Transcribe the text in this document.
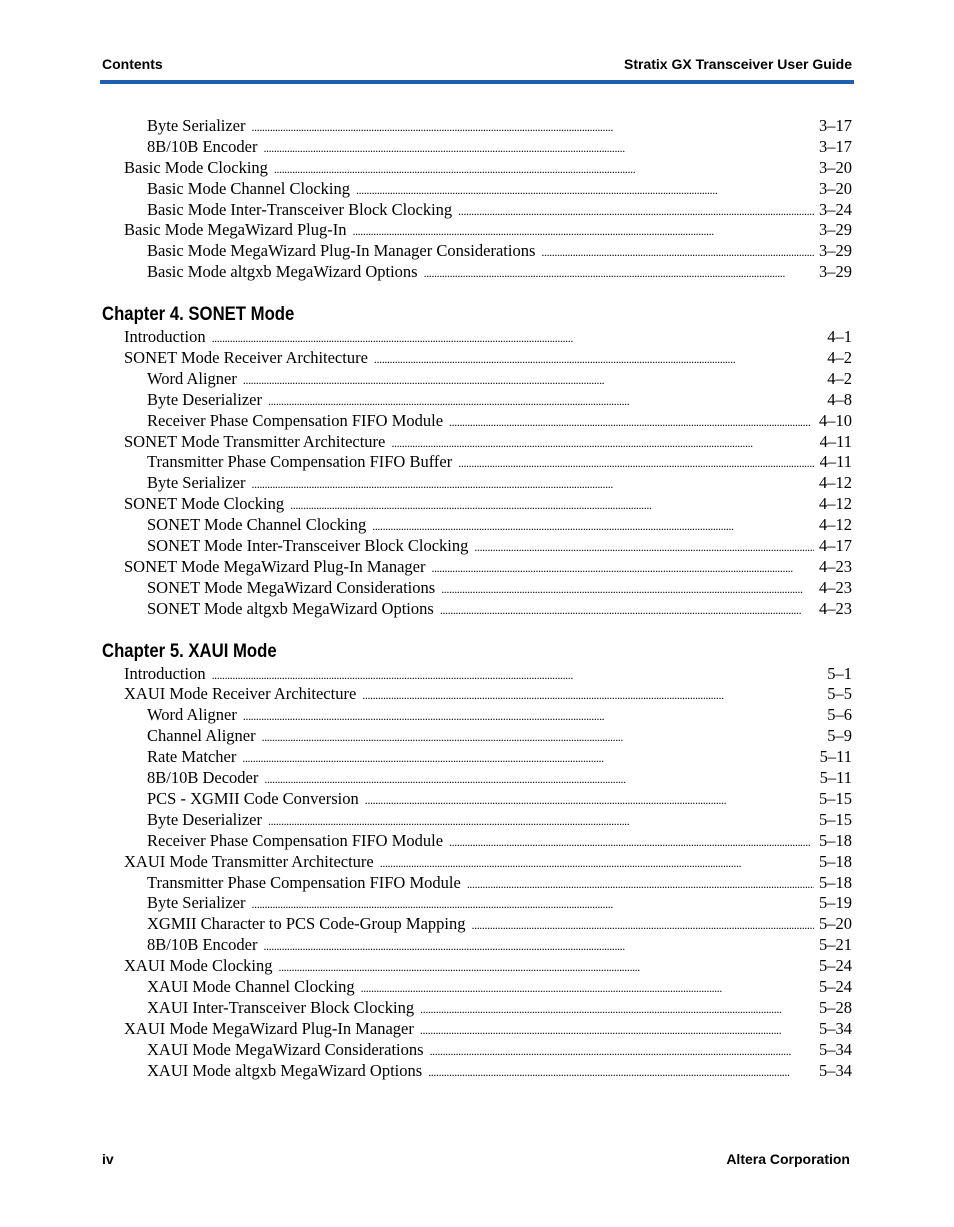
Contents	Stratix GX Transceiver User Guide
Byte Serializer . . .	3–17
8B/10B Encoder . . .	3–17
Basic Mode Clocking . . .	3–20
Basic Mode Channel Clocking . . .	3–20
Basic Mode Inter-Transceiver Block Clocking . . .	3–24
Basic Mode MegaWizard Plug-In . . .	3–29
Basic Mode MegaWizard Plug-In Manager Considerations . . .	3–29
Basic Mode altgxb MegaWizard Options . . .	3–29
Chapter 4. SONET Mode
Introduction . . .	4–1
SONET Mode Receiver Architecture . . .	4–2
Word Aligner . . .	4–2
Byte Deserializer . . .	4–8
Receiver Phase Compensation FIFO Module . . .	4–10
SONET Mode Transmitter Architecture . . .	4–11
Transmitter Phase Compensation FIFO Buffer . . .	4–11
Byte Serializer . . .	4–12
SONET Mode Clocking . . .	4–12
SONET Mode Channel Clocking . . .	4–12
SONET Mode Inter-Transceiver Block Clocking . . .	4–17
SONET Mode MegaWizard Plug-In Manager . . .	4–23
SONET Mode MegaWizard Considerations . . .	4–23
SONET Mode altgxb MegaWizard Options . . .	4–23
Chapter 5. XAUI Mode
Introduction . . .	5–1
XAUI Mode Receiver Architecture . . .	5–5
Word Aligner . . .	5–6
Channel Aligner . . .	5–9
Rate Matcher . . .	5–11
8B/10B Decoder . . .	5–11
PCS - XGMII Code Conversion . . .	5–15
Byte Deserializer . . .	5–15
Receiver Phase Compensation FIFO Module . . .	5–18
XAUI Mode Transmitter Architecture . . .	5–18
Transmitter Phase Compensation FIFO Module . . .	5–18
Byte Serializer . . .	5–19
XGMII Character to PCS Code-Group Mapping . . .	5–20
8B/10B Encoder . . .	5–21
XAUI Mode Clocking . . .	5–24
XAUI Mode Channel Clocking . . .	5–24
XAUI Inter-Transceiver Block Clocking . . .	5–28
XAUI Mode MegaWizard Plug-In Manager . . .	5–34
XAUI Mode MegaWizard Considerations . . .	5–34
XAUI Mode altgxb MegaWizard Options . . .	5–34
iv	Altera Corporation
